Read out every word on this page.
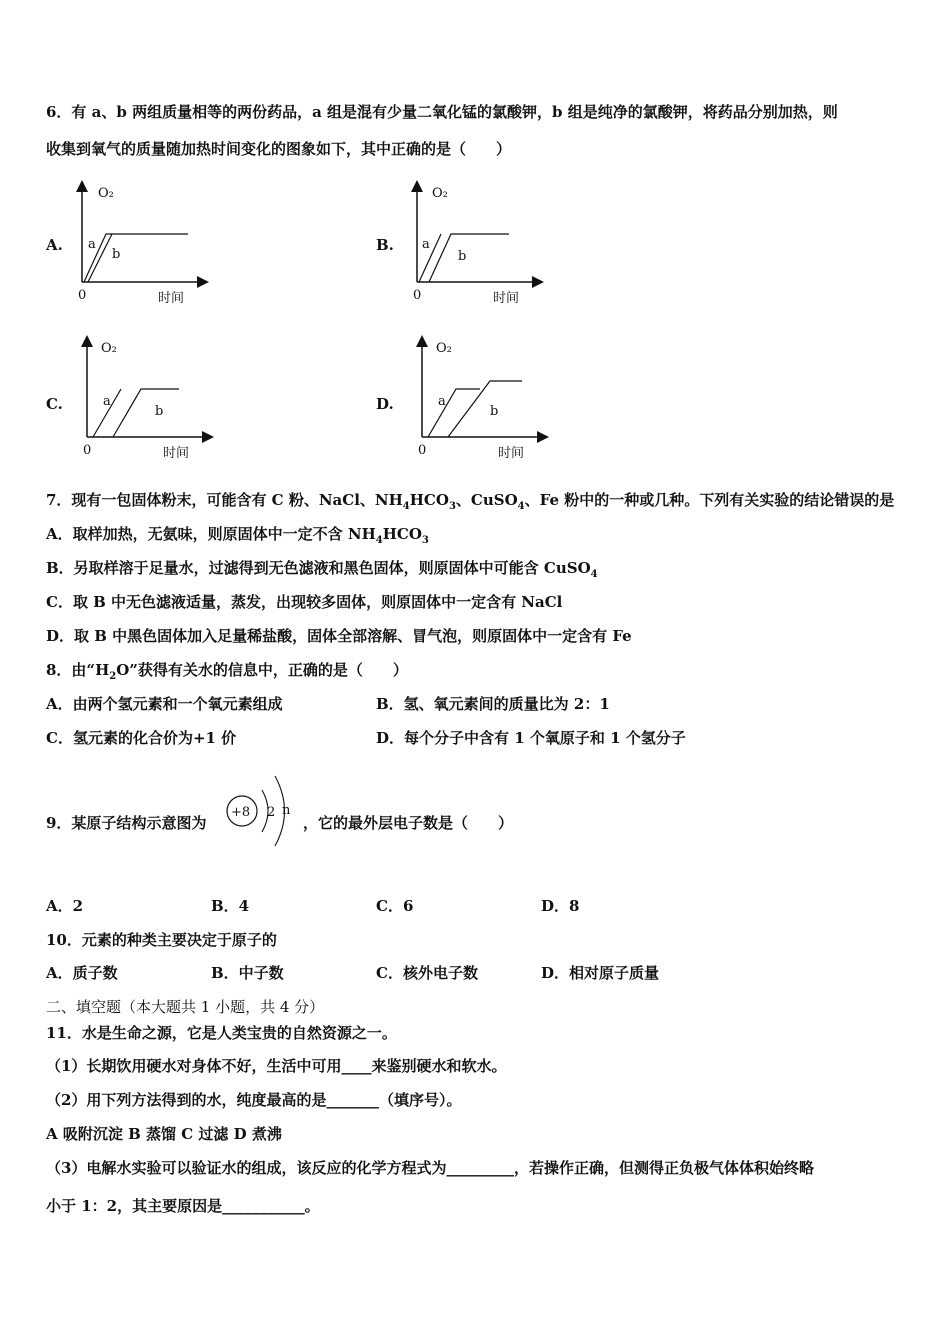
6．有 a、b 两组质量相等的两份药品，a 组是混有少量二氧化锰的氯酸钾，b 组是纯净的氯酸钾，将药品分别加热，则
收集到氧气的质量随加热时间变化的图象如下，其中正确的是（　　）
A.
O₂
时间
0
a
b
B.
O₂
时间
0
a
b
C.
O₂
时间
0
a
b	D.
O₂
时间
0
a
b
7．现有一包固体粉末，可能含有 C 粉、NaCl、$NH_4HCO_3$、CuSO$_4$、Fe 粉中的一种或几种。下列有关实验的结论错误的是
A．取样加热，无氨味，则原固体中一定不含 $NH_4HCO_3$
B．另取样溶于足量水，过滤得到无色滤液和黑色固体，则原固体中可能含 CuSO$_4$
C．取 B 中无色滤液适量，蒸发，出现较多固体，则原固体中一定含有 NaCl
D．取 B 中黑色固体加入足量稀盐酸，固体全部溶解、冒气泡，则原固体中一定含有 Fe
8．由“$H_2O$”获得有关水的信息中，正确的是（　　）
A．由两个氢元素和一个氧元素组成	B．氢、氧元素间的质量比为 2：1
C．氢元素的化合价为+1 价	D．每个分子中含有 1 个氧原子和 1 个氢分子
9．某原子结构示意图为
+8 2 n
，它的最外层电子数是（　　）
A．2	B．4	C．6	D．8
10．元素的种类主要决定于原子的
A．质子数	B．中子数	C．核外电子数	D．相对原子质量
二、填空题（本大题共 1 小题，共 4 分）
11．水是生命之源，它是人类宝贵的自然资源之一。
（1）长期饮用硬水对身体不好，生活中可用____来鉴别硬水和软水。
（2）用下列方法得到的水，纯度最高的是_______（填序号）。
A 吸附沉淀 B 蒸馏 C 过滤 D 煮沸
（3）电解水实验可以验证水的组成，该反应的化学方程式为_________，若操作正确，但测得正负极气体体积始终略
小于 1：2，其主要原因是___________。
